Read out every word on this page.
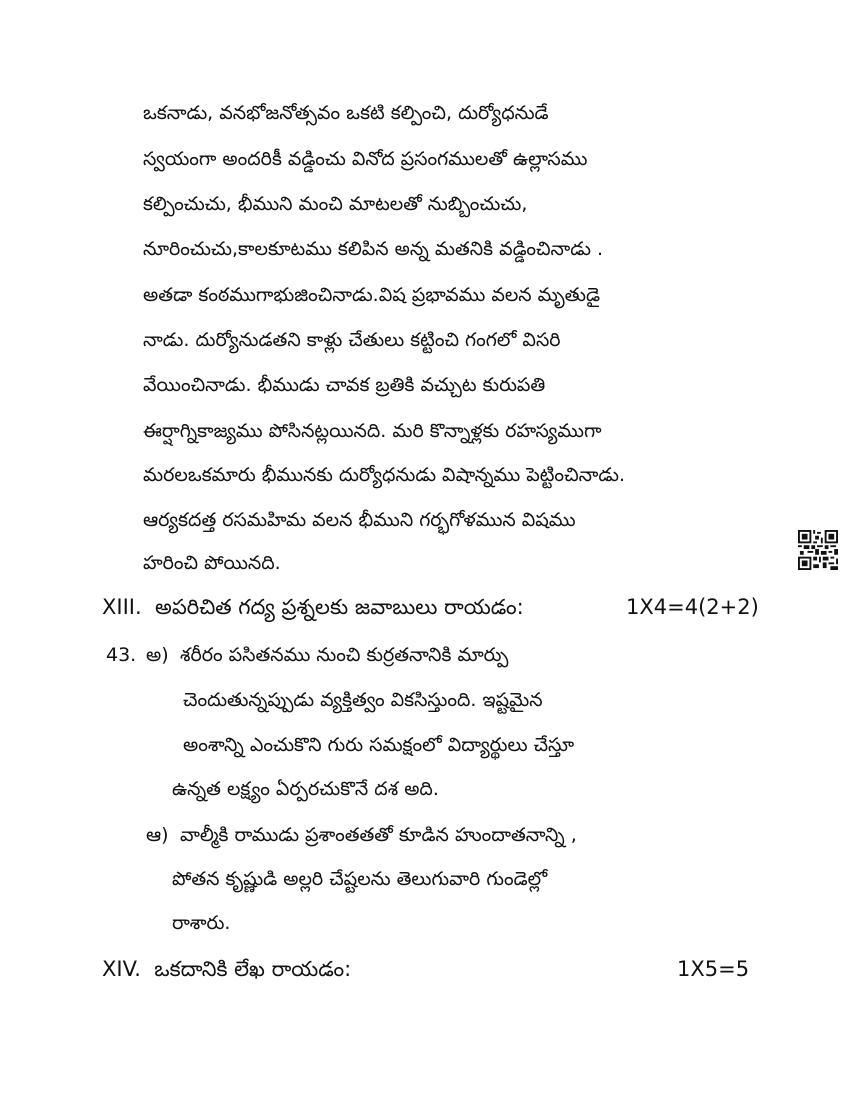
ఒకనాడు, వనభోజనోత్సవం ఒకటి కల్పించి, దుర్యోధనుడే
స్వయంగా అందరికీ వడ్డించు వినోద ప్రసంగములతో ఉల్లాసము
కల్పించుచు, భీముని మంచి మాటలతో నుబ్బించుచు,
నూరించుచు,కాలకూటము కలిపిన అన్న మతనికి వడ్డించినాడు .
అతడా కంఠముగాభుజించినాడు.విష ప్రభావము వలన మృతుడై
నాడు. దుర్యోనుడతని కాళ్లు చేతులు కట్టించి గంగలో విసరి
వేయించినాడు. భీముడు చావక బ్రతికి వచ్చుట కురుపతి
ఈర్షాగ్నికాజ్యము పోసినట్లయినది. మరి కొన్నాళ్లకు రహస్యముగా
మరలఒకమారు భీమునకు దుర్యోధనుడు విషాన్నము పెట్టించినాడు.
ఆర్యకదత్త రసమహిమ వలన భీముని గర్భగోళమున విషము
హరించి పోయినది.
XIII. అపరిచిత గద్య ప్రశ్నలకు జవాబులు రాయడం:	1X4=4(2+2)
43. అ) శరీరం పసితనము నుంచి కుర్రతనానికి మార్పు
చెందుతున్నప్పుడు వ్యక్తిత్వం వికసిస్తుంది. ఇష్టమైన
అంశాన్ని ఎంచుకొని గురు సమక్షంలో విద్యార్థులు చేస్తూ
ఉన్నత లక్ష్యం ఏర్పరచుకొనే దశ అది.
ఆ) వాల్మీకి రాముడు ప్రశాంతతతో కూడిన హుందాతనాన్ని ,
పోతన కృష్ణుడి అల్లరి చేష్టలను తెలుగువారి గుండెల్లో
రాశారు.
XIV. ఒకదానికి లేఖ రాయడం:	1X5=5
